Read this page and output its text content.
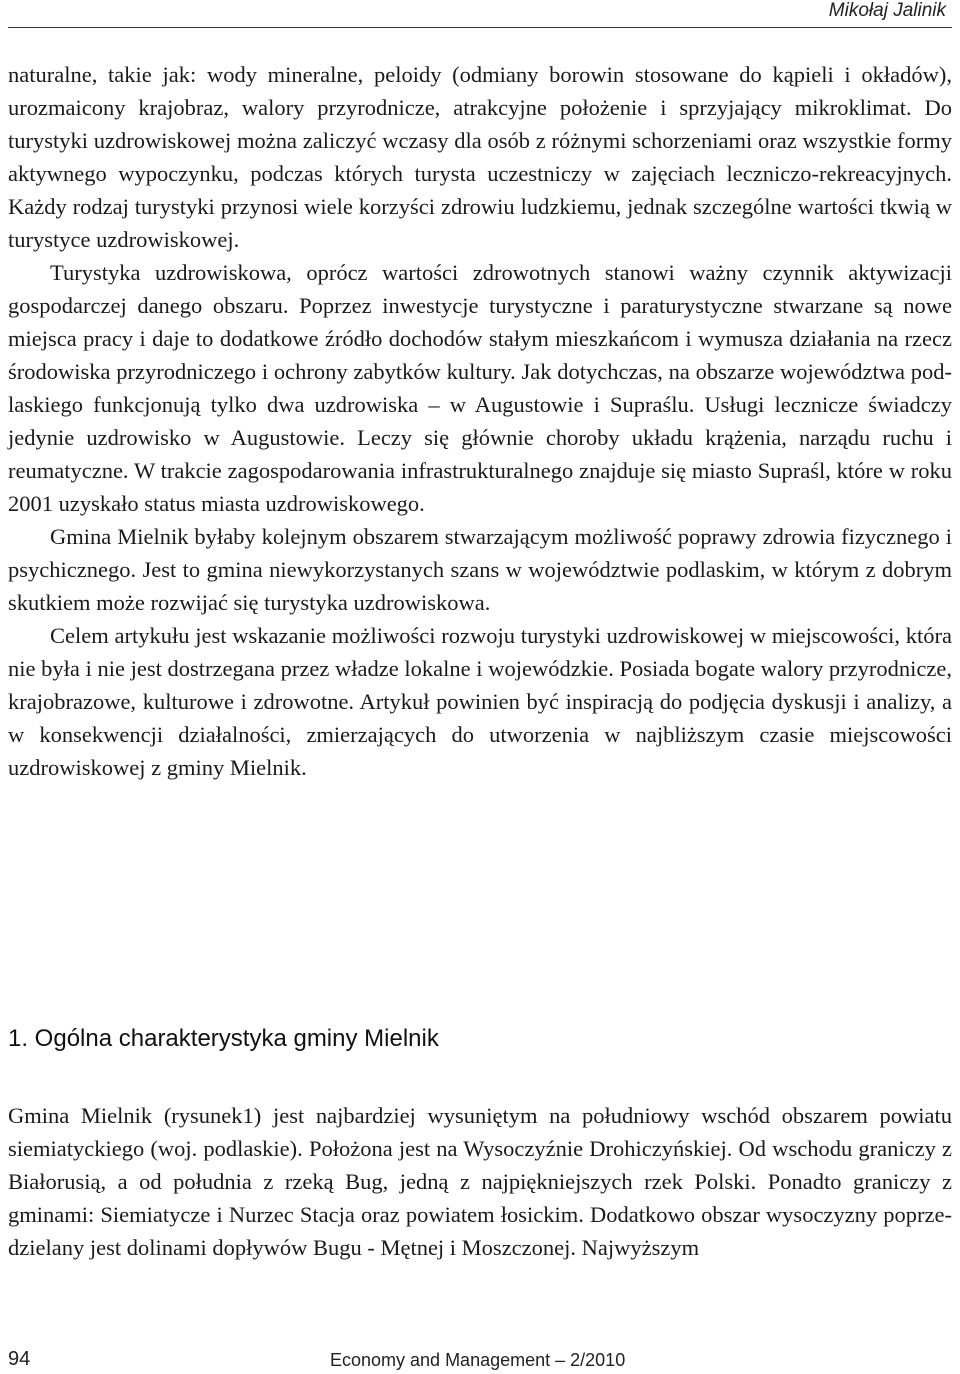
Mikołaj Jalinik

naturalne, takie jak: wody mineralne, peloidy (odmiany borowin stosowane do kąpieli i okładów), urozmaicony krajobraz, walory przyrodnicze, atrakcyjne położenie i sprzyjający mikroklimat. Do turystyki uzdrowiskowej można zaliczyć wczasy dla osób z różnymi schorzeniami oraz wszystkie formy aktywnego wypoczynku, podczas których turysta uczestniczy w zajęciach leczniczo-rekreacyjnych. Każdy rodzaj turystyki przynosi wiele korzyści zdrowiu ludzkiemu, jednak szczególne wartości tkwią w turystyce uzdrowiskowej.

Turystyka uzdrowiskowa, oprócz wartości zdrowotnych stanowi ważny czynnik aktywizacji gospodarczej danego obszaru. Poprzez inwestycje turystyczne i paraturystyczne stwarzane są nowe miejsca pracy i daje to dodatkowe źródło dochodów stałym mieszkańcom i wymusza działania na rzecz środowiska przyrodniczego i ochrony zabytków kultury. Jak dotychczas, na obszarze województwa podlaskiego funkcjonują tylko dwa uzdrowiska – w Augustowie i Supraślu. Usługi lecznicze świadczy jedynie uzdrowisko w Augustowie. Leczy się głównie choroby układu krążenia, narządu ruchu i reumatyczne. W trakcie zagospodarowania infrastrukturalnego znajduje się miasto Supraśl, które w roku 2001 uzyskało status miasta uzdrowiskowego.

Gmina Mielnik byłaby kolejnym obszarem stwarzającym możliwość poprawy zdrowia fizycznego i psychicznego. Jest to gmina niewykorzystanych szans w województwie podlaskim, w którym z dobrym skutkiem może rozwijać się turystyka uzdrowiskowa.

Celem artykułu jest wskazanie możliwości rozwoju turystyki uzdrowiskowej w miejscowości, która nie była i nie jest dostrzegana przez władze lokalne i wojewódzkie. Posiada bogate walory przyrodnicze, krajobrazowe, kulturowe i zdrowotne. Artykuł powinien być inspiracją do podjęcia dyskusji i analizy, a w konsekwencji działalności, zmierzających do utworzenia w najbliższym czasie miejscowości uzdrowiskowej z gminy Mielnik.

1. Ogólna charakterystyka gminy Mielnik

Gmina Mielnik (rysunek1) jest najbardziej wysuniętym na południowy wschód obszarem powiatu siemiatyckiego (woj. podlaskie). Położona jest na Wysoczyźnie Drohiczyńskiej. Od wschodu graniczy z Białorusią, a od południa z rzeką Bug, jedną z najpiękniejszych rzek Polski. Ponadto graniczy z gminami: Siemiatycze i Nurzec Stacja oraz powiatem łosickim. Dodatkowo obszar wysoczyzny poprzedzielany jest dolinami dopływów Bugu - Mętnej i Moszczonej. Najwyższym

94	Economy and Management – 2/2010
